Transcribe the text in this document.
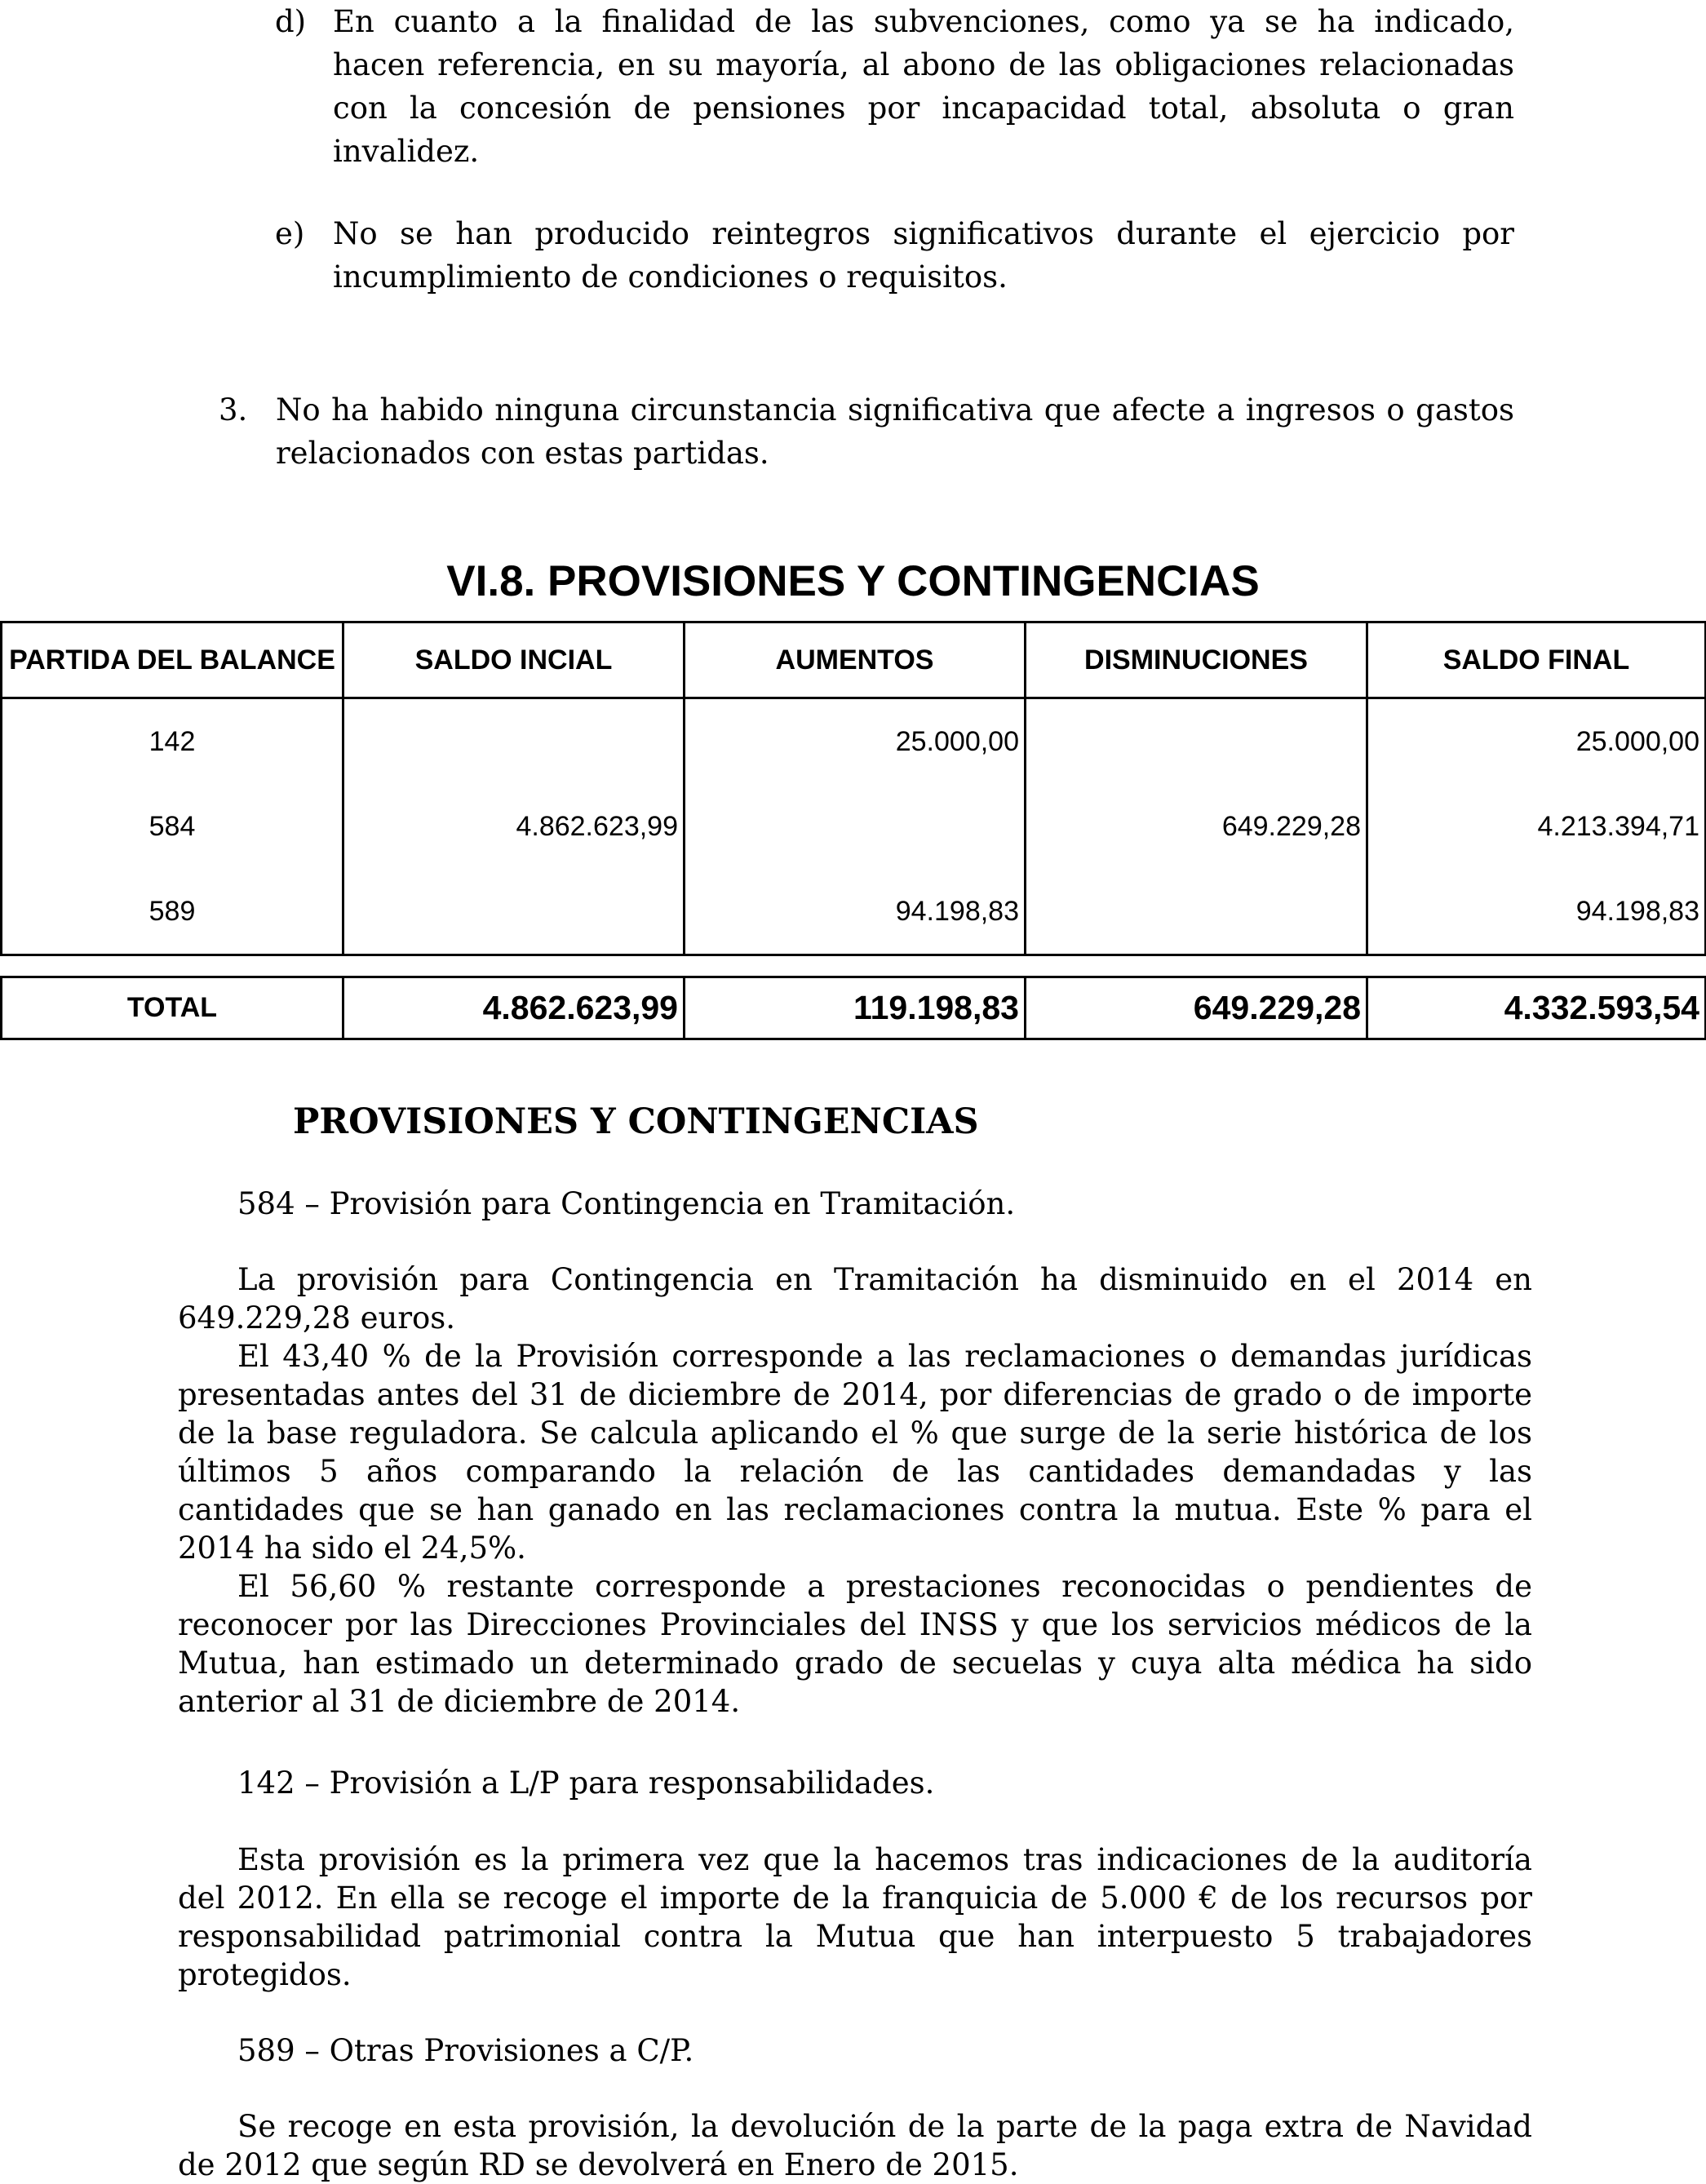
d) En cuanto a la finalidad de las subvenciones, como ya se ha indicado,
hacen referencia, en su mayoría, al abono de las obligaciones relacionadas
con la concesión de pensiones por incapacidad total, absoluta o gran
invalidez.
e) No se han producido reintegros significativos durante el ejercicio por
incumplimiento de condiciones o requisitos.
3. No ha habido ninguna circunstancia significativa que afecte a ingresos o gastos
relacionados con estas partidas.
VI.8. PROVISIONES Y CONTINGENCIAS
PARTIDA DEL BALANCE	SALDO INCIAL	AUMENTOS	DISMINUCIONES	SALDO FINAL
142		25.000,00		25.000,00
584	4.862.623,99		649.229,28	4.213.394,71
589		94.198,83		94.198,83
TOTAL	4.862.623,99	119.198,83	649.229,28	4.332.593,54
PROVISIONES Y CONTINGENCIAS
584 – Provisión para Contingencia en Tramitación.
La provisión para Contingencia en Tramitación ha disminuido en el 2014 en
649.229,28 euros.
El 43,40 % de la Provisión corresponde a las reclamaciones o demandas jurídicas
presentadas antes del 31 de diciembre de 2014, por diferencias de grado o de importe
de la base reguladora. Se calcula aplicando el % que surge de la serie histórica de los
últimos 5 años comparando la relación de las cantidades demandadas y las
cantidades que se han ganado en las reclamaciones contra la mutua. Este % para el
2014 ha sido el 24,5%.
El 56,60 % restante corresponde a prestaciones reconocidas o pendientes de
reconocer por las Direcciones Provinciales del INSS y que los servicios médicos de la
Mutua, han estimado un determinado grado de secuelas y cuya alta médica ha sido
anterior al 31 de diciembre de 2014.
142 – Provisión a L/P para responsabilidades.
Esta provisión es la primera vez que la hacemos tras indicaciones de la auditoría
del 2012. En ella se recoge el importe de la franquicia de 5.000 € de los recursos por
responsabilidad patrimonial contra la Mutua que han interpuesto 5 trabajadores
protegidos.
589 – Otras Provisiones a C/P.
Se recoge en esta provisión, la devolución de la parte de la paga extra de Navidad
de 2012 que según RD se devolverá en Enero de 2015.
